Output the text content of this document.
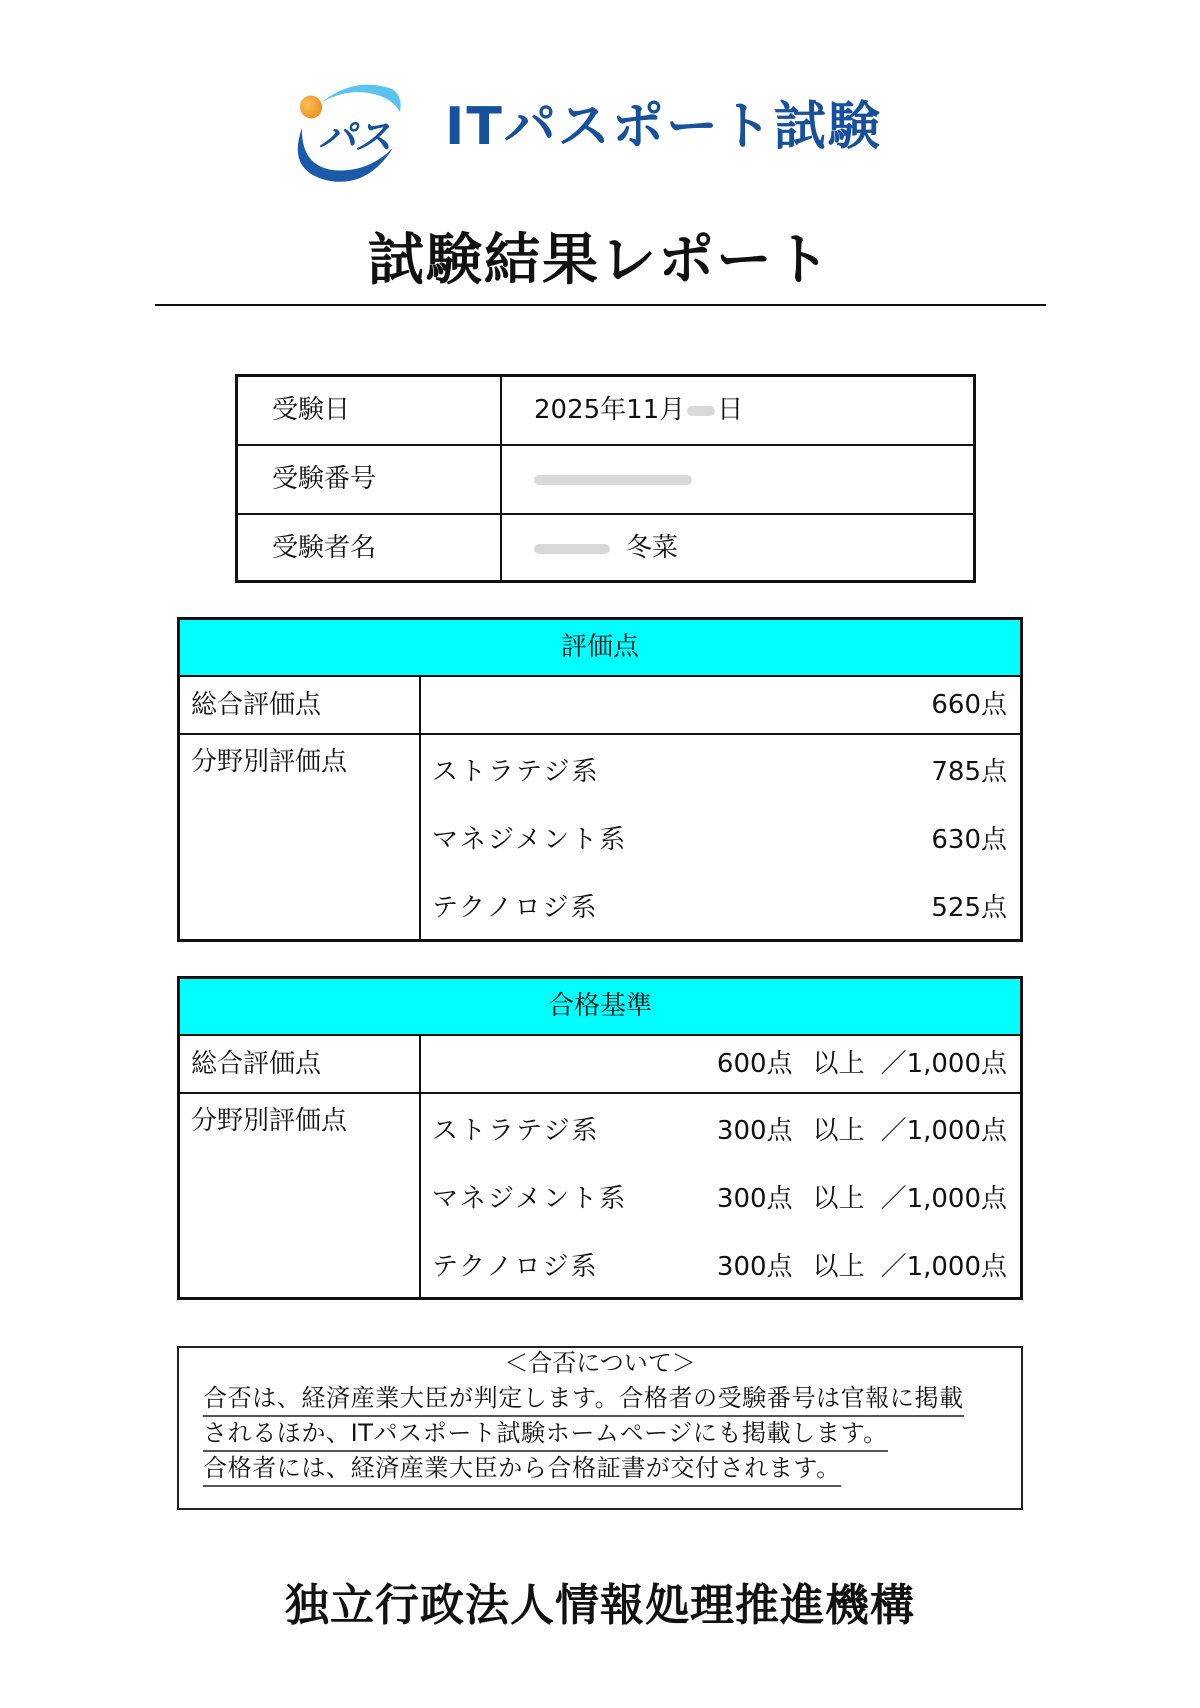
パス ITパスポート試験
試験結果レポート
受験日	2025年11月 日
受験番号
受験者名	冬菜
評価点
総合評価点	660点
分野別評価点	ストラテジ系	785点
マネジメント系	630点
テクノロジ系	525点
合格基準
総合評価点	600点 以上 ／1,000点
分野別評価点	ストラテジ系	300点 以上 ／1,000点
マネジメント系	300点 以上 ／1,000点
テクノロジ系	300点 以上 ／1,000点
＜合否について＞
合否は、経済産業大臣が判定します。合格者の受験番号は官報に掲載
されるほか、ITパスポート試験ホームページにも掲載します。
合格者には、経済産業大臣から合格証書が交付されます。
独立行政法人情報処理推進機構
